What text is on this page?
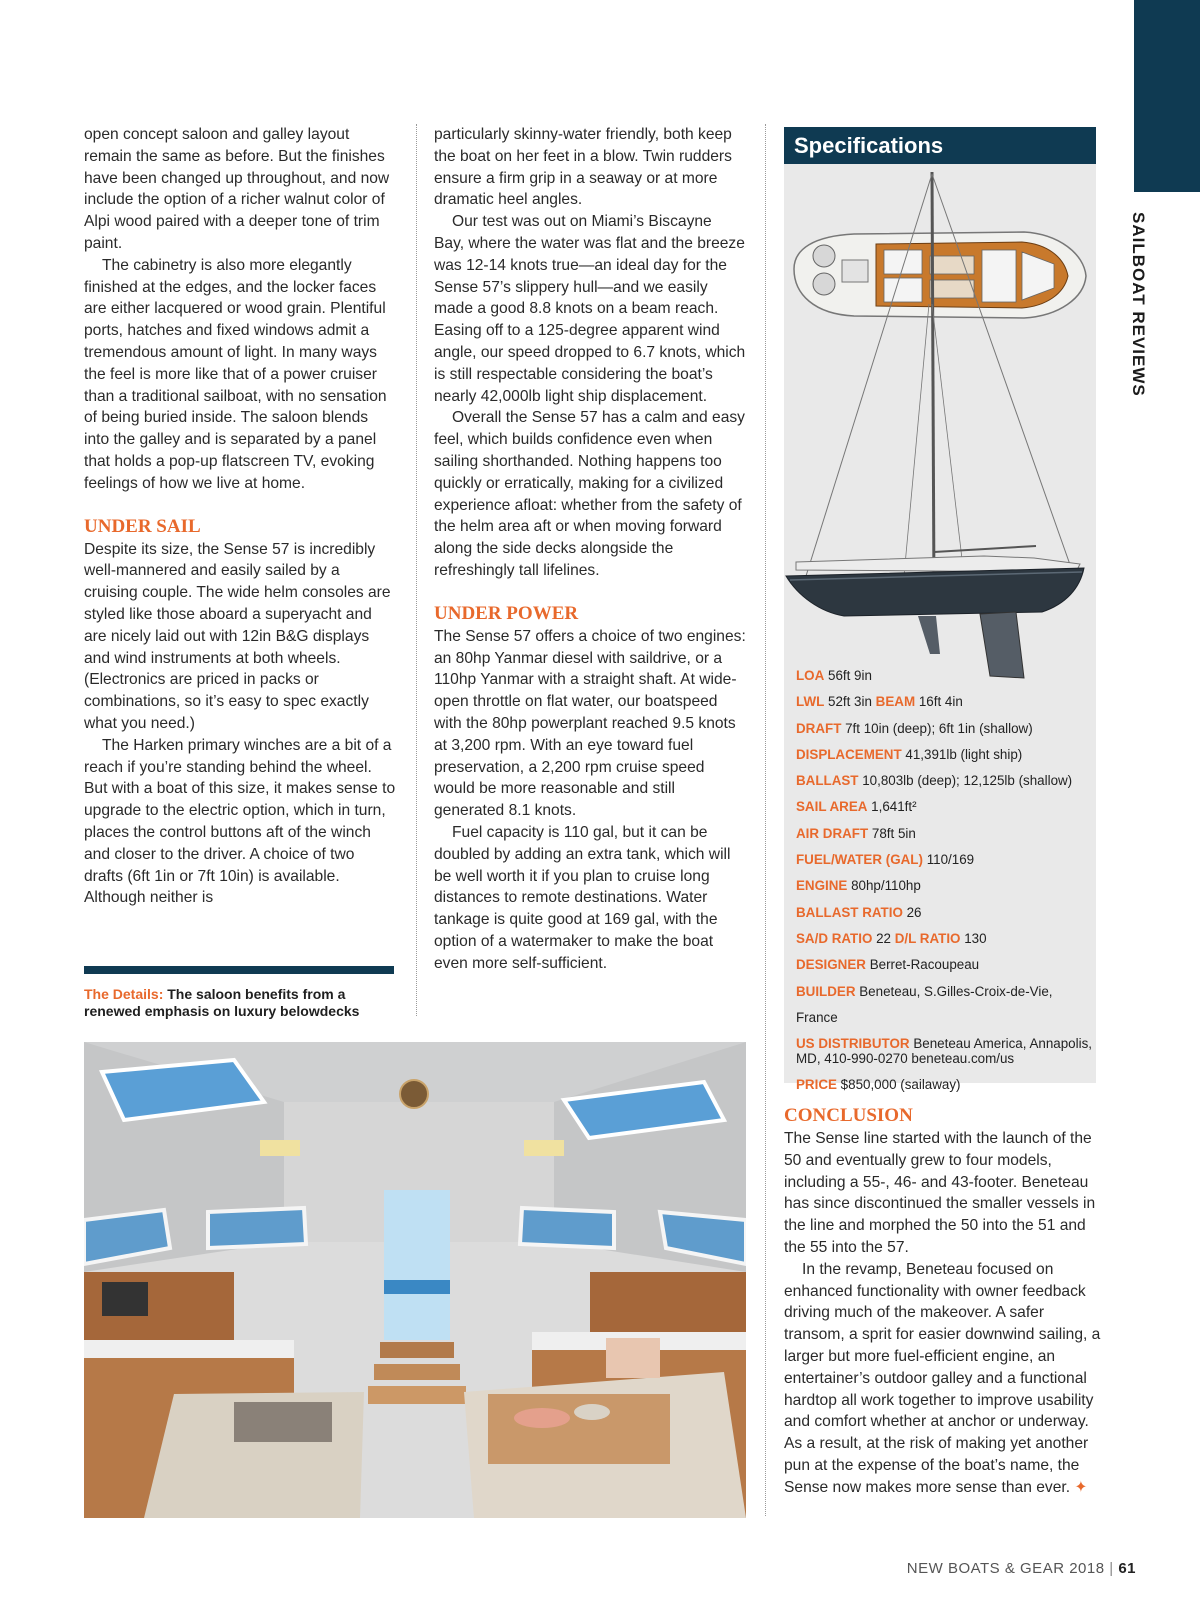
SAILBOAT REVIEWS

open concept saloon and galley layout remain the same as before. But the finishes have been changed up throughout, and now include the option of a richer walnut color of Alpi wood paired with a deeper tone of trim paint.

The cabinetry is also more elegantly finished at the edges, and the locker faces are either lacquered or wood grain. Plentiful ports, hatches and fixed windows admit a tremendous amount of light. In many ways the feel is more like that of a power cruiser than a traditional sailboat, with no sensation of being buried inside. The saloon blends into the galley and is separated by a panel that holds a pop-up flatscreen TV, evoking feelings of how we live at home.

UNDER SAIL

Despite its size, the Sense 57 is incredibly well-mannered and easily sailed by a cruising couple. The wide helm consoles are styled like those aboard a superyacht and are nicely laid out with 12in B&G displays and wind instruments at both wheels. (Electronics are priced in packs or combinations, so it’s easy to spec exactly what you need.)

The Harken primary winches are a bit of a reach if you’re standing behind the wheel. But with a boat of this size, it makes sense to upgrade to the electric option, which in turn, places the control buttons aft of the winch and closer to the driver. A choice of two drafts (6ft 1in or 7ft 10in) is available. Although neither is

The Details: The saloon benefits from a renewed emphasis on luxury belowdecks

particularly skinny-water friendly, both keep the boat on her feet in a blow. Twin rudders ensure a firm grip in a seaway or at more dramatic heel angles.

Our test was out on Miami’s Biscayne Bay, where the water was flat and the breeze was 12-14 knots true—an ideal day for the Sense 57’s slippery hull—and we easily made a good 8.8 knots on a beam reach. Easing off to a 125-degree apparent wind angle, our speed dropped to 6.7 knots, which is still respectable considering the boat’s nearly 42,000lb light ship displacement.

Overall the Sense 57 has a calm and easy feel, which builds confidence even when sailing shorthanded. Nothing happens too quickly or erratically, making for a civilized experience afloat: whether from the safety of the helm area aft or when moving forward along the side decks alongside the refreshingly tall lifelines.

UNDER POWER

The Sense 57 offers a choice of two engines: an 80hp Yanmar diesel with saildrive, or a 110hp Yanmar with a straight shaft. At wide-open throttle on flat water, our boatspeed with the 80hp powerplant reached 9.5 knots at 3,200 rpm. With an eye toward fuel preservation, a 2,200 rpm cruise speed would be more reasonable and still generated 8.1 knots.

Fuel capacity is 110 gal, but it can be doubled by adding an extra tank, which will be well worth it if you plan to cruise long distances to remote destinations. Water tankage is quite good at 169 gal, with the option of a watermaker to make the boat even more self-sufficient.

Specifications
LOA 56ft 9in
LWL 52ft 3in BEAM 16ft 4in
DRAFT 7ft 10in (deep); 6ft 1in (shallow)
DISPLACEMENT 41,391lb (light ship)
BALLAST 10,803lb (deep); 12,125lb (shallow)
SAIL AREA 1,641ft²
AIR DRAFT 78ft 5in
FUEL/WATER (GAL) 110/169
ENGINE 80hp/110hp
BALLAST RATIO 26
SA/D RATIO 22 D/L RATIO 130
DESIGNER Berret-Racoupeau
BUILDER Beneteau, S.Gilles-Croix-de-Vie, France
US DISTRIBUTOR Beneteau America, Annapolis, MD, 410-990-0270 beneteau.com/us
PRICE $850,000 (sailaway)
CONCLUSION

The Sense line started with the launch of the 50 and eventually grew to four models, including a 55-, 46- and 43-footer. Beneteau has since discontinued the smaller vessels in the line and morphed the 50 into the 51 and the 55 into the 57.

In the revamp, Beneteau focused on enhanced functionality with owner feedback driving much of the makeover. A safer transom, a sprit for easier downwind sailing, a larger but more fuel-efficient engine, an entertainer’s outdoor galley and a functional hardtop all work together to improve usability and comfort whether at anchor or underway. As a result, at the risk of making yet another pun at the expense of the boat’s name, the Sense now makes more sense than ever. ✦

NEW BOATS & GEAR 2018 | 61
